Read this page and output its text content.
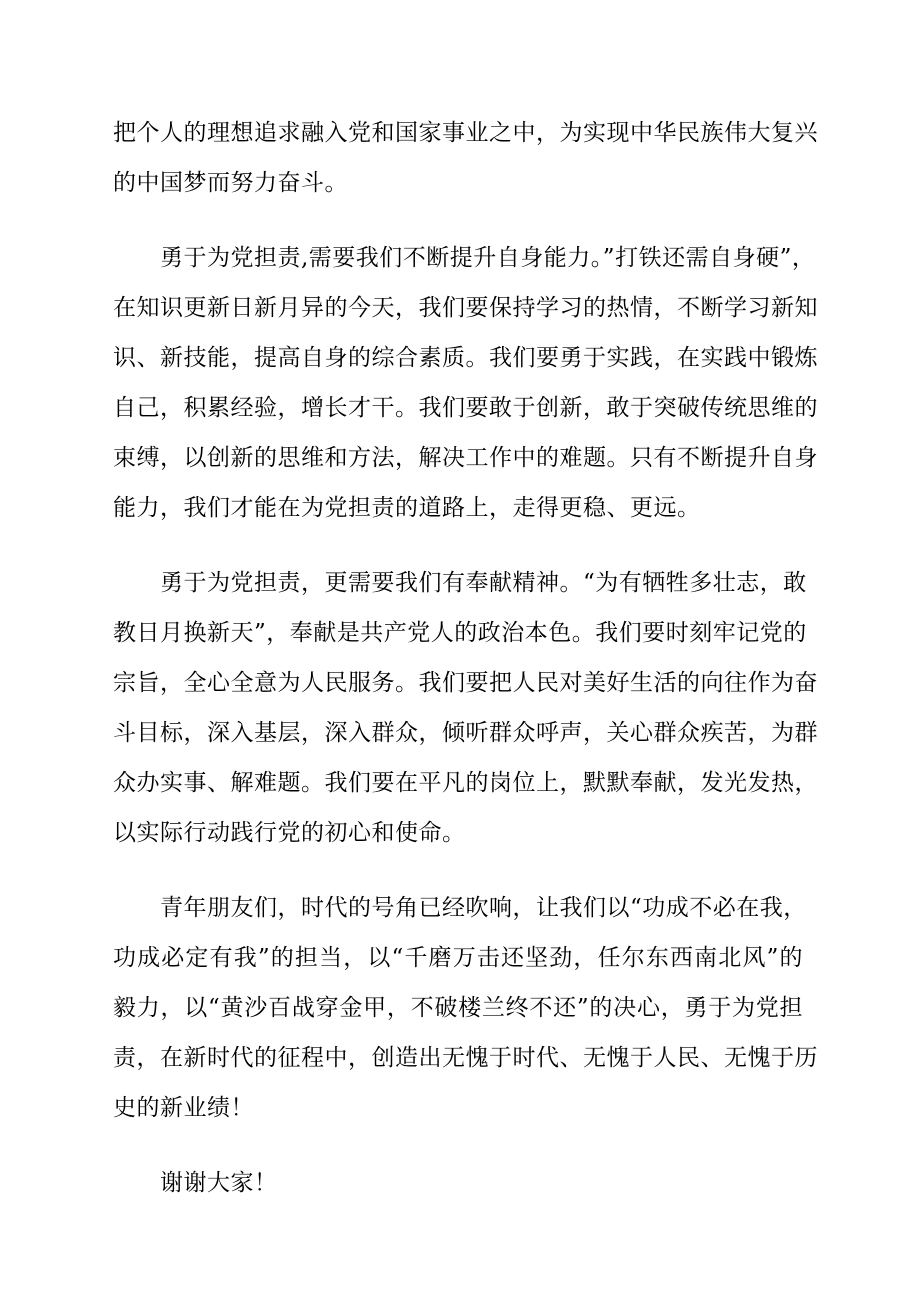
把个人的理想追求融入党和国家事业之中，为实现中华民族伟大复兴

的中国梦而努力奋斗。

勇于为党担责,需要我们不断提升自身能力。”打铁还需自身硬”，

在知识更新日新月异的今天，我们要保持学习的热情，不断学习新知

识、新技能，提高自身的综合素质。我们要勇于实践，在实践中锻炼

自己，积累经验，增长才干。我们要敢于创新，敢于突破传统思维的

束缚，以创新的思维和方法，解决工作中的难题。只有不断提升自身

能力，我们才能在为党担责的道路上，走得更稳、更远。

勇于为党担责，更需要我们有奉献精神。“为有牺牲多壮志，敢

教日月换新天”，奉献是共产党人的政治本色。我们要时刻牢记党的

宗旨，全心全意为人民服务。我们要把人民对美好生活的向往作为奋

斗目标，深入基层，深入群众，倾听群众呼声，关心群众疾苦，为群

众办实事、解难题。我们要在平凡的岗位上，默默奉献，发光发热，

以实际行动践行党的初心和使命。

青年朋友们，时代的号角已经吹响，让我们以“功成不必在我，

功成必定有我”的担当，以“千磨万击还坚劲，任尔东西南北风”的

毅力，以“黄沙百战穿金甲，不破楼兰终不还”的决心，勇于为党担

责，在新时代的征程中，创造出无愧于时代、无愧于人民、无愧于历

史的新业绩！

谢谢大家！
